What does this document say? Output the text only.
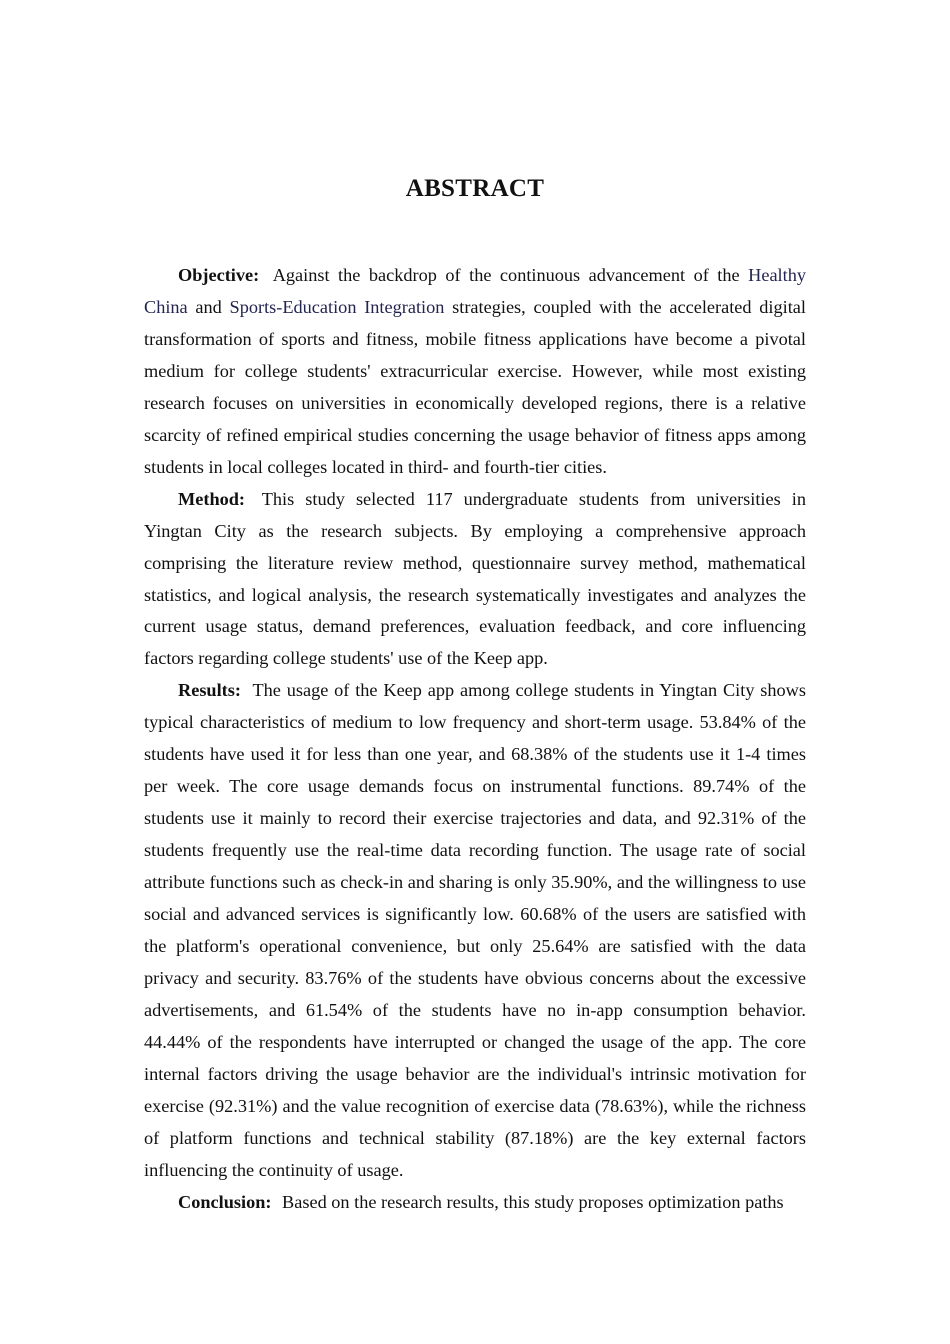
ABSTRACT

Objective: Against the backdrop of the continuous advancement of the Healthy China and Sports-Education Integration strategies, coupled with the accelerated digital transformation of sports and fitness, mobile fitness applications have become a pivotal medium for college students' extracurricular exercise. However, while most existing research focuses on universities in economically developed regions, there is a relative scarcity of refined empirical studies concerning the usage behavior of fitness apps among students in local colleges located in third- and fourth-tier cities.

Method: This study selected 117 undergraduate students from universities in Yingtan City as the research subjects. By employing a comprehensive approach comprising the literature review method, questionnaire survey method, mathematical statistics, and logical analysis, the research systematically investigates and analyzes the current usage status, demand preferences, evaluation feedback, and core influencing factors regarding college students' use of the Keep app.

Results: The usage of the Keep app among college students in Yingtan City shows typical characteristics of medium to low frequency and short-term usage. 53.84% of the students have used it for less than one year, and 68.38% of the students use it 1-4 times per week. The core usage demands focus on instrumental functions. 89.74% of the students use it mainly to record their exercise trajectories and data, and 92.31% of the students frequently use the real-time data recording function. The usage rate of social attribute functions such as check-in and sharing is only 35.90%, and the willingness to use social and advanced services is significantly low. 60.68% of the users are satisfied with the platform's operational convenience, but only 25.64% are satisfied with the data privacy and security. 83.76% of the students have obvious concerns about the excessive advertisements, and 61.54% of the students have no in-app consumption behavior. 44.44% of the respondents have interrupted or changed the usage of the app. The core internal factors driving the usage behavior are the individual's intrinsic motivation for exercise (92.31%) and the value recognition of exercise data (78.63%), while the richness of platform functions and technical stability (87.18%) are the key external factors influencing the continuity of usage.

Conclusion: Based on the research results, this study proposes optimization paths
